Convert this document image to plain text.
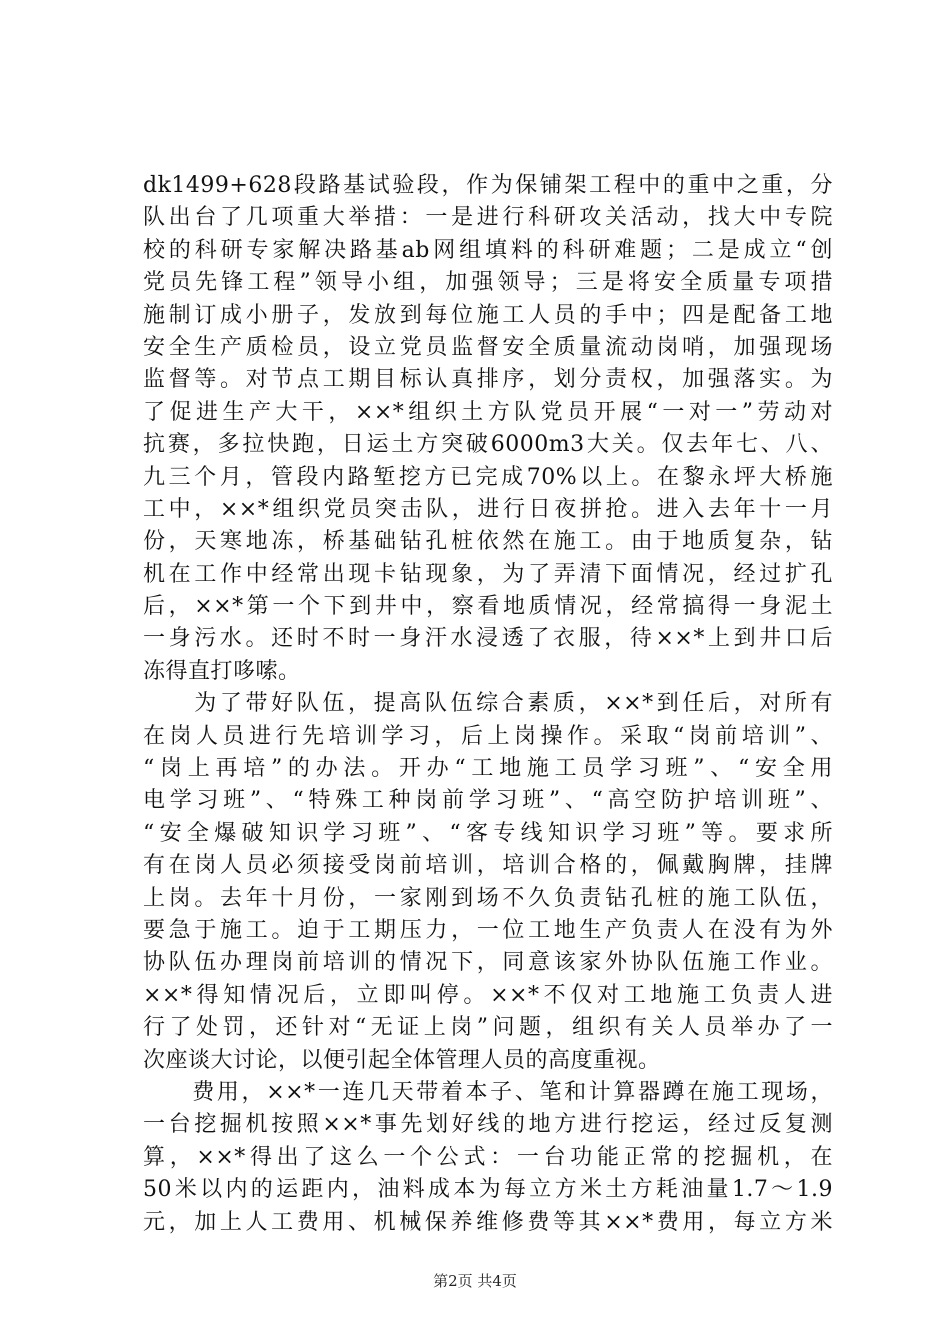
dk1499+628段路基试验段，作为保铺架工程中的重中之重，分
队出台了几项重大举措：一是进行科研攻关活动，找大中专院
校的科研专家解决路基ab网组填料的科研难题；二是成立“创
党员先锋工程”领导小组，加强领导；三是将安全质量专项措
施制订成小册子，发放到每位施工人员的手中；四是配备工地
安全生产质检员，设立党员监督安全质量流动岗哨，加强现场
监督等。对节点工期目标认真排序，划分责权，加强落实。为
了促进生产大干，××*组织土方队党员开展“一对一”劳动对
抗赛，多拉快跑，日运土方突破6000m3大关。仅去年七、八、
九三个月，管段内路堑挖方已完成70%以上。在黎永坪大桥施
工中，××*组织党员突击队，进行日夜拼抢。进入去年十一月
份，天寒地冻，桥基础钻孔桩依然在施工。由于地质复杂，钻
机在工作中经常出现卡钻现象，为了弄清下面情况，经过扩孔
后，××*第一个下到井中，察看地质情况，经常搞得一身泥土
一身污水。还时不时一身汗水浸透了衣服，待××*上到井口后
冻得直打哆嗦。
　　为了带好队伍，提高队伍综合素质，××*到任后，对所有
在岗人员进行先培训学习，后上岗操作。采取“岗前培训”、
“岗上再培”的办法。开办“工地施工员学习班”、“安全用
电学习班”、“特殊工种岗前学习班”、“高空防护培训班”、
“安全爆破知识学习班”、“客专线知识学习班”等。要求所
有在岗人员必须接受岗前培训，培训合格的，佩戴胸牌，挂牌
上岗。去年十月份，一家刚到场不久负责钻孔桩的施工队伍，
要急于施工。迫于工期压力，一位工地生产负责人在没有为外
协队伍办理岗前培训的情况下，同意该家外协队伍施工作业。
××*得知情况后，立即叫停。××*不仅对工地施工负责人进
行了处罚，还针对“无证上岗”问题，组织有关人员举办了一
次座谈大讨论，以便引起全体管理人员的高度重视。
　　费用，××*一连几天带着本子、笔和计算器蹲在施工现场，
一台挖掘机按照××*事先划好线的地方进行挖运，经过反复测
算，××*得出了这么一个公式：一台功能正常的挖掘机，在
50米以内的运距内，油料成本为每立方米土方耗油量1.7～1.9
元，加上人工费用、机械保养维修费等其××*费用，每立方米
第2页 共4页
